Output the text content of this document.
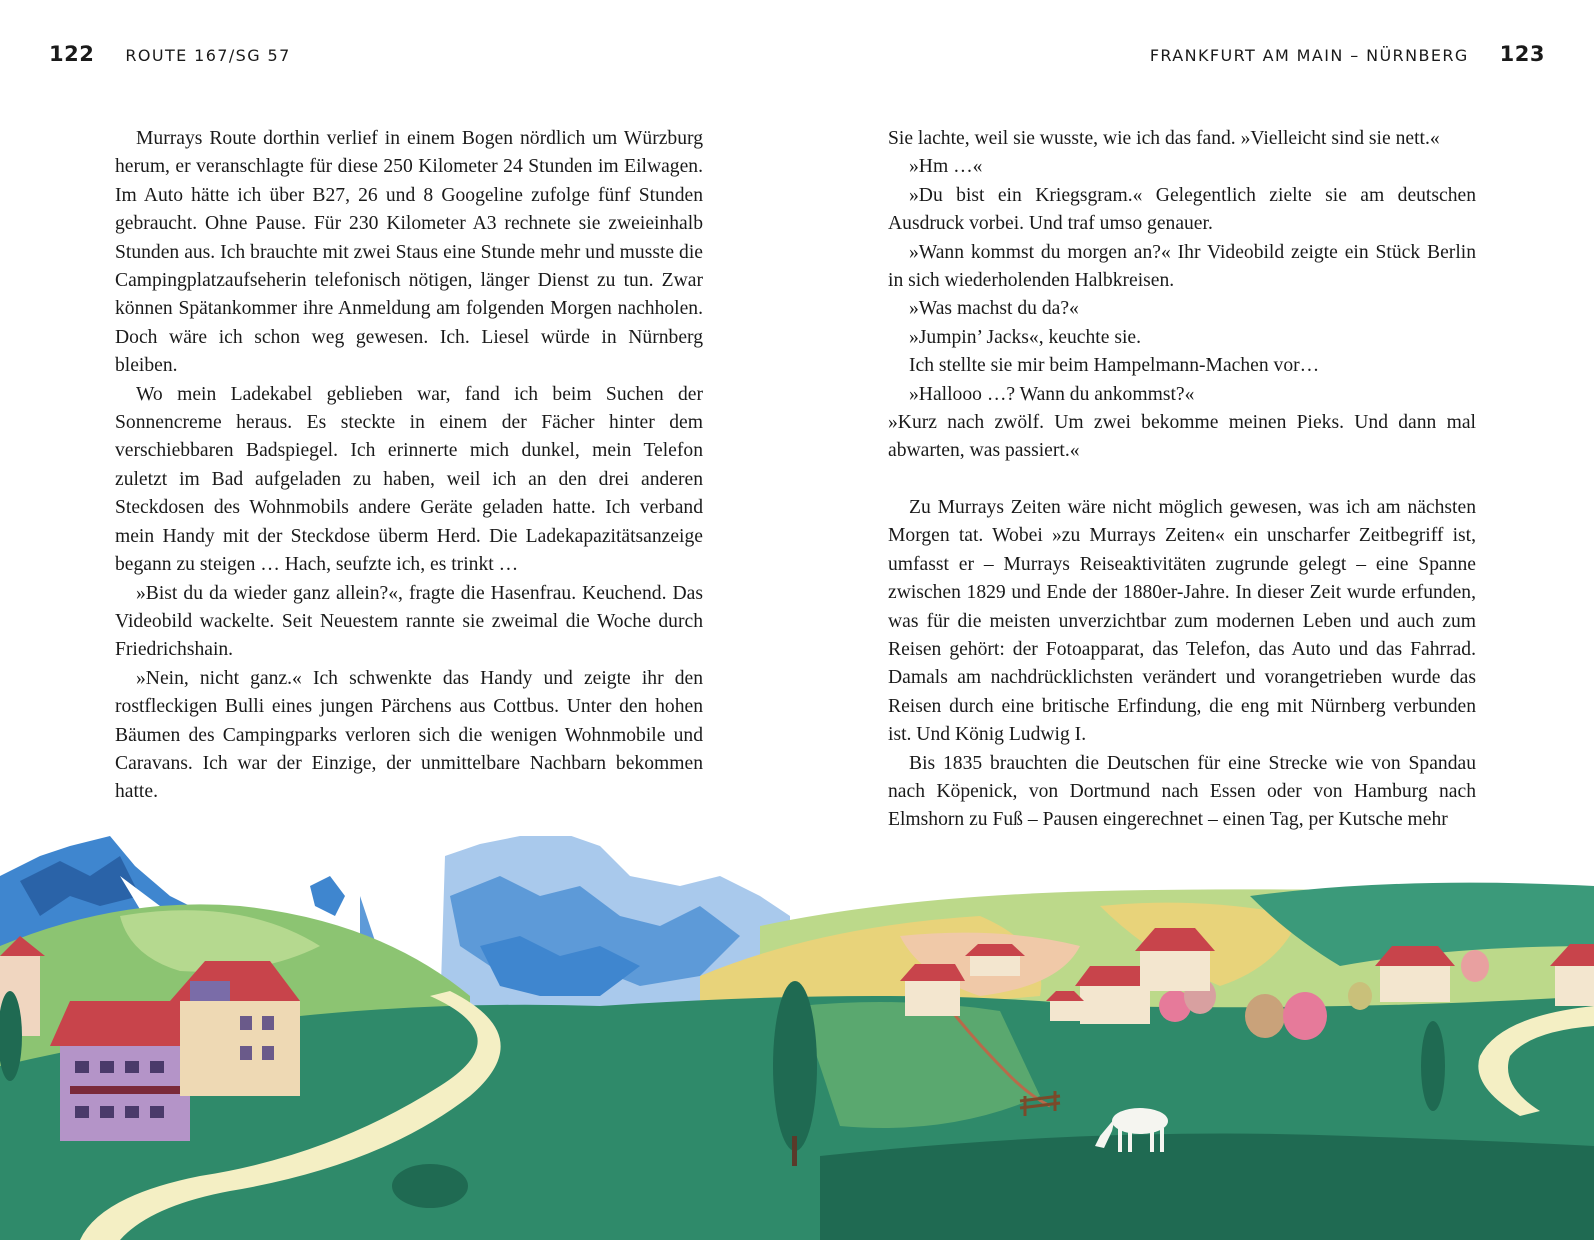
122 ROUTE 167/SG 57	FRANKFURT AM MAIN – NÜRNBERG 123

Murrays Route dorthin verlief in einem Bogen nördlich um Würzburg herum, er veranschlagte für diese 250 Kilometer 24 Stunden im Eilwagen. Im Auto hätte ich über B27, 26 und 8 Googeline zufolge fünf Stunden gebraucht. Ohne Pause. Für 230 Kilometer A3 rechnete sie zweieinhalb Stunden aus. Ich brauchte mit zwei Staus eine Stunde mehr und musste die Campingplatzaufseherin telefonisch nötigen, länger Dienst zu tun. Zwar können Spätankommer ihre Anmeldung am folgenden Morgen nachholen. Doch wäre ich schon weg gewesen. Ich. Liesel würde in Nürnberg bleiben.

Wo mein Ladekabel geblieben war, fand ich beim Suchen der Sonnencreme heraus. Es steckte in einem der Fächer hinter dem verschiebbaren Badspiegel. Ich erinnerte mich dunkel, mein Telefon zuletzt im Bad aufgeladen zu haben, weil ich an den drei anderen Steckdosen des Wohnmobils andere Geräte geladen hatte. Ich verband mein Handy mit der Steckdose überm Herd. Die Ladekapazitätsanzeige begann zu steigen … Hach, seufzte ich, es trinkt …

»Bist du da wieder ganz allein?«, fragte die Hasenfrau. Keuchend. Das Videobild wackelte. Seit Neuestem rannte sie zweimal die Woche durch Friedrichshain.

»Nein, nicht ganz.« Ich schwenkte das Handy und zeigte ihr den rostfleckigen Bulli eines jungen Pärchens aus Cottbus. Unter den hohen Bäumen des Campingparks verloren sich die wenigen Wohnmobile und Caravans. Ich war der Einzige, der unmittelbare Nachbarn bekommen hatte.

Sie lachte, weil sie wusste, wie ich das fand. »Vielleicht sind sie nett.«

»Hm …«

»Du bist ein Kriegsgram.« Gelegentlich zielte sie am deutschen Ausdruck vorbei. Und traf umso genauer.

»Wann kommst du morgen an?« Ihr Videobild zeigte ein Stück Berlin in sich wiederholenden Halbkreisen.

»Was machst du da?«

»Jumpin’ Jacks«, keuchte sie.

Ich stellte sie mir beim Hampelmann-Machen vor…

»Hallooo …? Wann du ankommst?«

»Kurz nach zwölf. Um zwei bekomme meinen Pieks. Und dann mal abwarten, was passiert.«

Zu Murrays Zeiten wäre nicht möglich gewesen, was ich am nächsten Morgen tat. Wobei »zu Murrays Zeiten« ein unscharfer Zeitbegriff ist, umfasst er – Murrays Reiseaktivitäten zugrunde gelegt – eine Spanne zwischen 1829 und Ende der 1880er-Jahre. In dieser Zeit wurde erfunden, was für die meisten unverzichtbar zum modernen Leben und auch zum Reisen gehört: der Fotoapparat, das Telefon, das Auto und das Fahrrad. Damals am nachdrücklichsten verändert und vorangetrieben wurde das Reisen durch eine britische Erfindung, die eng mit Nürnberg verbunden ist. Und König Ludwig I.

Bis 1835 brauchten die Deutschen für eine Strecke wie von Spandau nach Köpenick, von Dortmund nach Essen oder von Hamburg nach Elmshorn zu Fuß – Pausen eingerechnet – einen Tag, per Kutsche mehr
